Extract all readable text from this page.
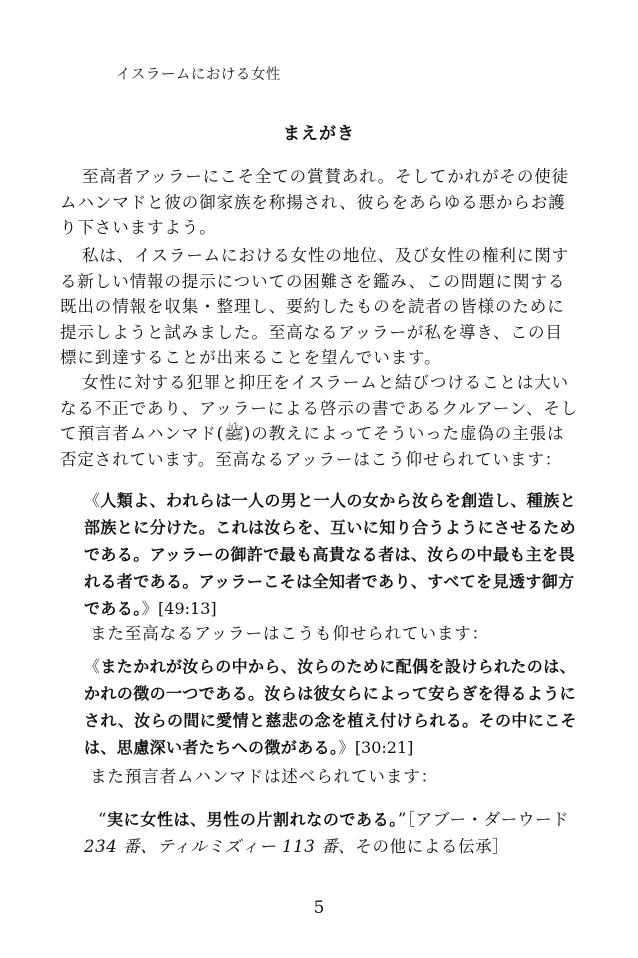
イスラームにおける女性
まえがき

至高者アッラーにこそ全ての賞賛あれ。そしてかれがその使徒ムハンマドと彼の御家族を称揚され、彼らをあらゆる悪からお護り下さいますよう。

私は、イスラームにおける女性の地位、及び女性の権利に関する新しい情報の提示についての困難さを鑑み、この問題に関する既出の情報を収集・整理し、要約したものを読者の皆様のために提示しようと試みました。至高なるアッラーが私を導き、この目標に到達することが出来ることを望んでいます。

女性に対する犯罪と抑圧をイスラームと結びつけることは大いなる不正であり、アッラーによる啓示の書であるクルアーン、そして預言者ムハンマド(ﷺ)の教えによってそういった虚偽の主張は否定されています。至高なるアッラーはこう仰せられています：

《人類よ、われらは一人の男と一人の女から汝らを創造し、種族と部族とに分けた。これは汝らを、互いに知り合うようにさせるためである。アッラーの御許で最も高貴なる者は、汝らの中最も主を畏れる者である。アッラーこそは全知者であり、すべてを見透す御方である。》[49:13]

また至高なるアッラーはこうも仰せられています：

《またかれが汝らの中から、汝らのために配偶を設けられたのは、かれの徴の一つである。汝らは彼女らによって安らぎを得るようにされ、汝らの間に愛情と慈悲の念を植え付けられる。その中にこそは、思慮深い者たちへの徴がある。》[30:21]

また預言者ムハンマドは述べられています：

“実に女性は、男性の片割れなのである。”［アブー・ダーウード 234 番、ティルミズィー 113 番、その他による伝承］

5
